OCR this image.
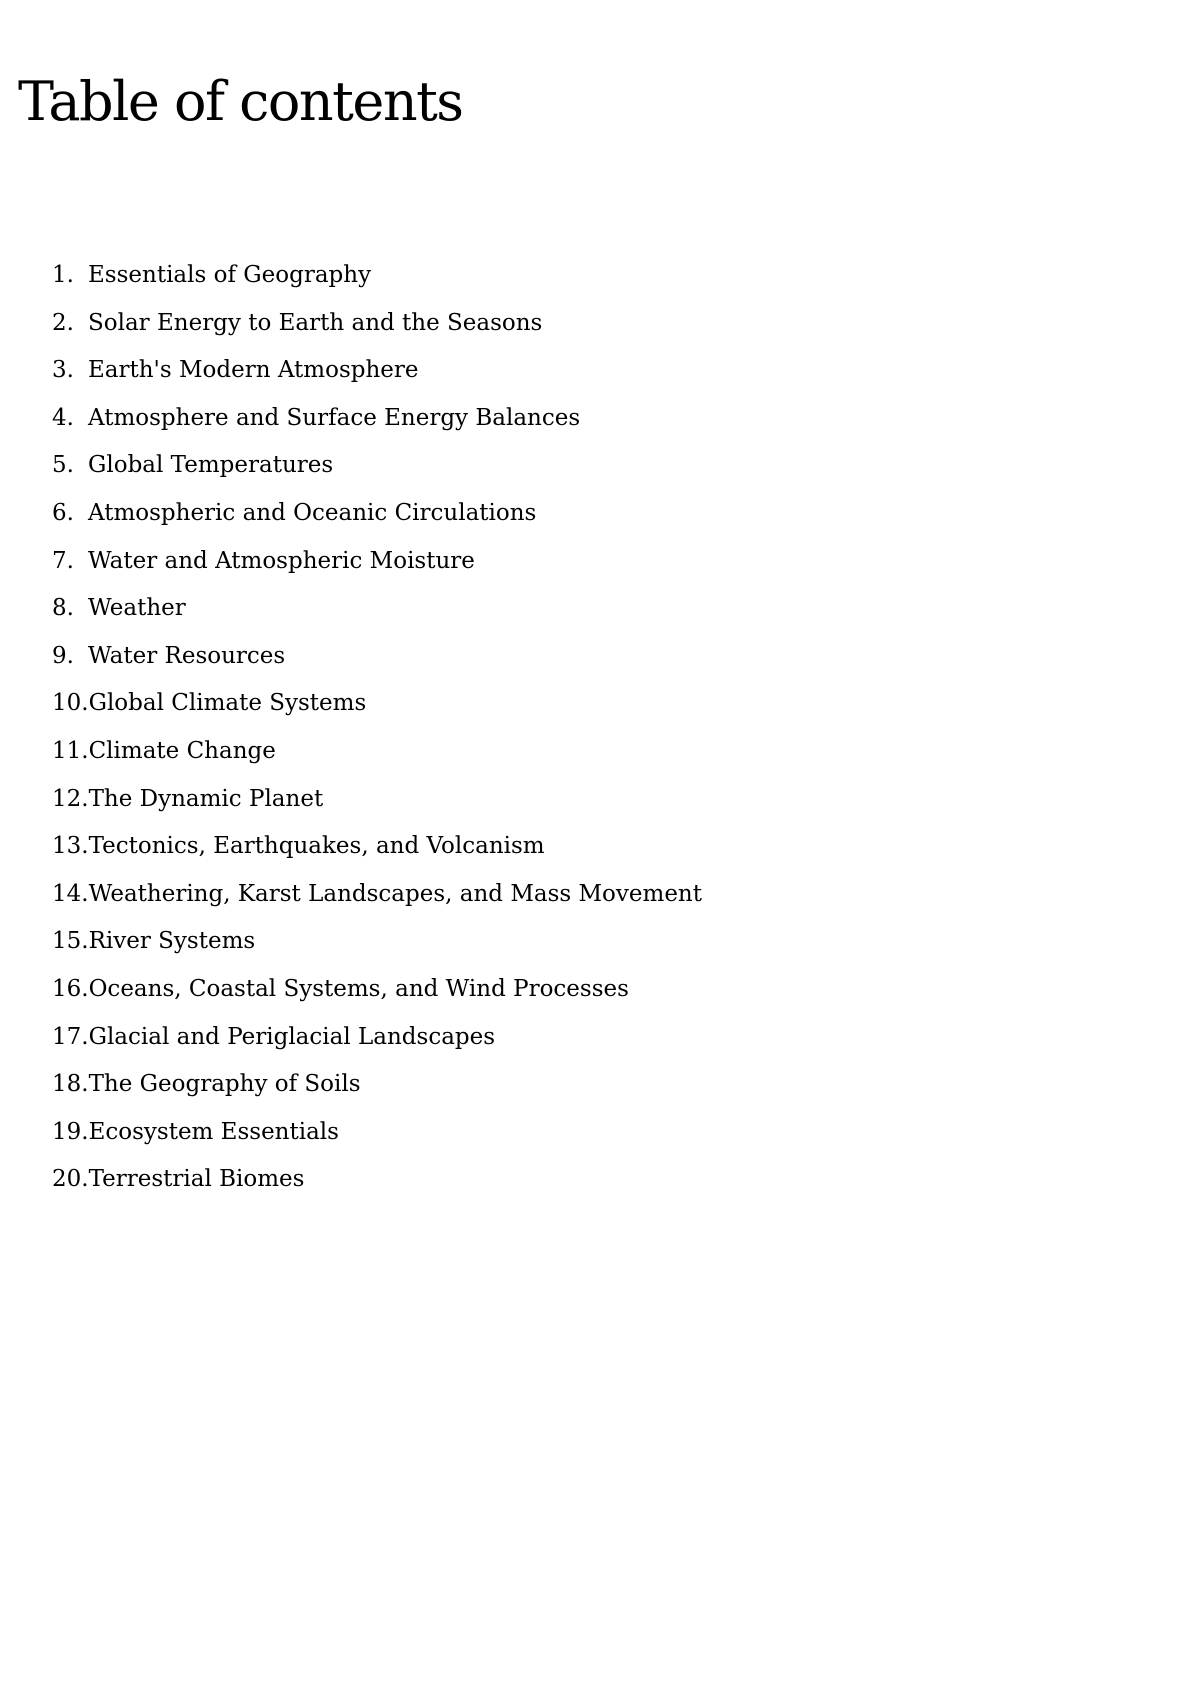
Table of contents
1. Essentials of Geography
2. Solar Energy to Earth and the Seasons
3. Earth's Modern Atmosphere
4. Atmosphere and Surface Energy Balances
5. Global Temperatures
6. Atmospheric and Oceanic Circulations
7. Water and Atmospheric Moisture
8. Weather
9. Water Resources
10. Global Climate Systems
11. Climate Change
12. The Dynamic Planet
13. Tectonics, Earthquakes, and Volcanism
14. Weathering, Karst Landscapes, and Mass Movement
15. River Systems
16. Oceans, Coastal Systems, and Wind Processes
17. Glacial and Periglacial Landscapes
18. The Geography of Soils
19. Ecosystem Essentials
20. Terrestrial Biomes
